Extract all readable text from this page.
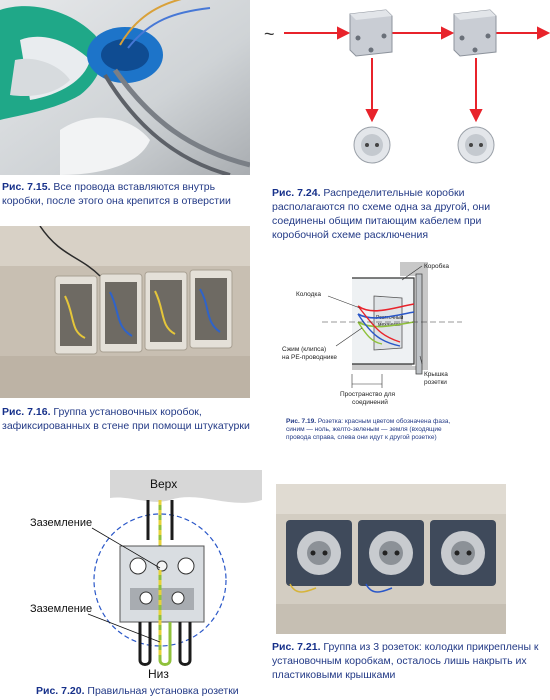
Рис. 7.15. Все провода вставляются внутрь коробки, после этого она крепится в отверстии
Рис. 7.16. Группа установочных коробок, зафиксированных в стене при помощи штукатурки
~
Рис. 7.24. Распределительные коробки располагаются по схеме одна за другой, они соединены общим питающим кабелем при коробочной схеме расключения
Розеточный
механизм
Коробка
Колодка
Сжим (клипса)
на PE-проводнике
Пространство для
соединений
Крышка
розетки
Рис. 7.19. Розетка: красным цветом обозначена фаза, синим — ноль, желто-зеленым — земля (входящие провода справа, слева они идут к другой розетке)
Верх
Заземление
Заземление
Низ
Рис. 7.20. Правильная установка розетки
Рис. 7.21. Группа из 3 розеток: колодки прикреплены к установочным коробкам, осталось лишь накрыть их пластиковыми крышками
